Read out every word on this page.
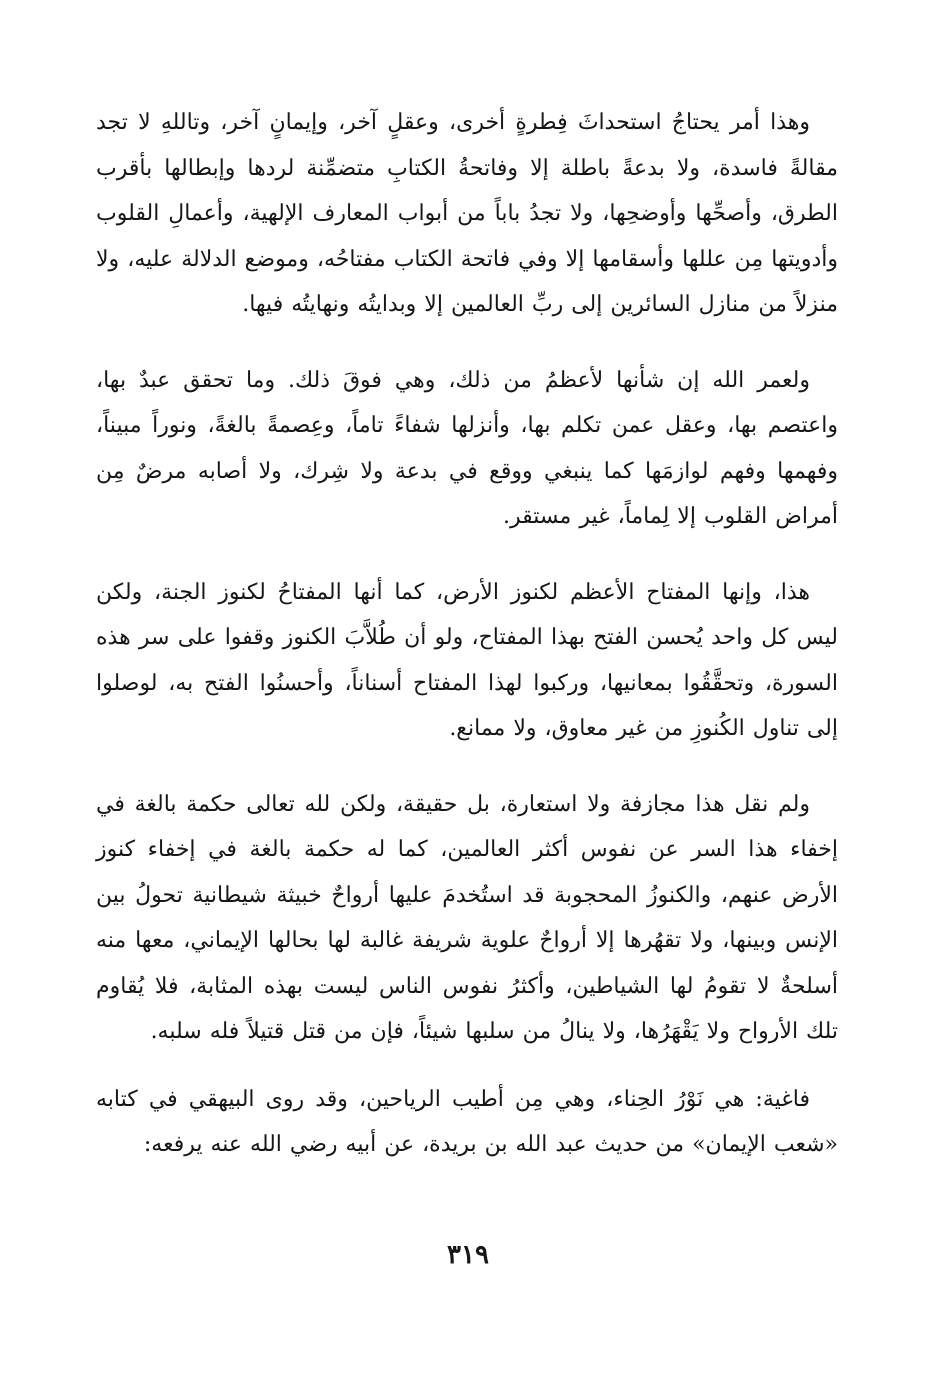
وهذا أمر يحتاجُ استحداثَ فِطرةٍ أخرى، وعقلٍ آخر، وإيمانٍ آخر، وتاللهِ لا تجد مقالةً فاسدة، ولا بدعةً باطلة إلا وفاتحةُ الكتابِ متضمِّنة لردها وإبطالها بأقرب الطرق، وأصحِّها وأوضحِها، ولا تجدُ باباً من أبواب المعارف الإلهية، وأعمالِ القلوب وأدويتها مِن عللها وأسقامها إلا وفي فاتحة الكتاب مفتاحُه، وموضع الدلالة عليه، ولا منزلاً من منازل السائرين إلى ربِّ العالمين إلا وبدايتُه ونهايتُه فيها.

ولعمر الله إن شأنها لأعظمُ من ذلك، وهي فوقَ ذلك. وما تحقق عبدٌ بها، واعتصم بها، وعقل عمن تكلم بها، وأنزلها شفاءً تاماً، وعِصمةً بالغةً، ونوراً مبيناً، وفهمها وفهم لوازمَها كما ينبغي ووقع في بدعة ولا شِرك، ولا أصابه مرضٌ مِن أمراض القلوب إلا لِماماً، غير مستقر.

هذا، وإنها المفتاح الأعظم لكنوز الأرض، كما أنها المفتاحُ لكنوز الجنة، ولكن ليس كل واحد يُحسن الفتح بهذا المفتاح، ولو أن طُلاَّبَ الكنوز وقفوا على سر هذه السورة، وتحقَّقُوا بمعانيها، وركبوا لهذا المفتاح أسناناً، وأحسنُوا الفتح به، لوصلوا إلى تناول الكُنوزِ من غير معاوق، ولا ممانع.

ولم نقل هذا مجازفة ولا استعارة، بل حقيقة، ولكن لله تعالى حكمة بالغة في إخفاء هذا السر عن نفوس أكثر العالمين، كما له حكمة بالغة في إخفاء كنوز الأرض عنهم، والكنوزُ المحجوبة قد استُخدمَ عليها أرواحٌ خبيثة شيطانية تحولُ بين الإنس وبينها، ولا تقهُرها إلا أرواحٌ علوية شريفة غالبة لها بحالها الإيماني، معها منه أسلحةٌ لا تقومُ لها الشياطين، وأكثرُ نفوس الناس ليست بهذه المثابة، فلا يُقاوم تلك الأرواح ولا يَقْهَرُها، ولا ينالُ من سلبها شيئاً، فإن من قتل قتيلاً فله سلبه.

فاغية: هي نَوْرُ الحِناء، وهي مِن أطيب الرياحين، وقد روى البيهقي في كتابه «شعب الإيمان» من حديث عبد الله بن بريدة، عن أبيه رضي الله عنه يرفعه:

٣١٩
